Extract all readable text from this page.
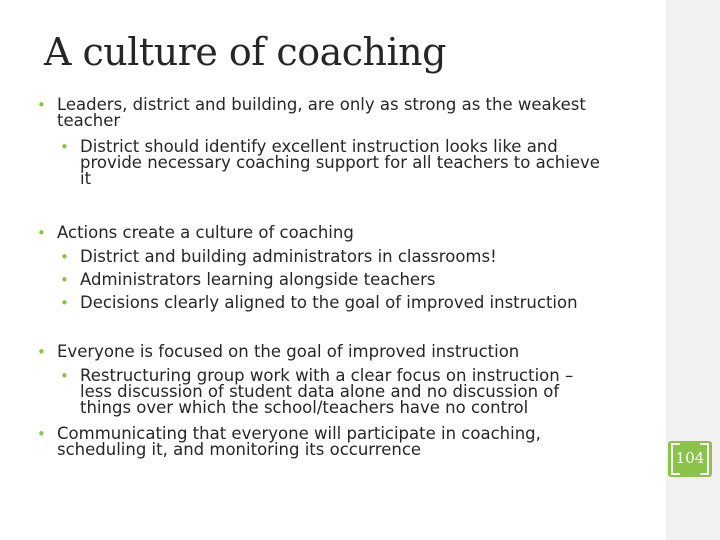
A culture of coaching
• Leaders, district and building, are only as strong as the weakest
teacher
• District should identify excellent instruction looks like and
provide necessary coaching support for all teachers to achieve
it
• Actions create a culture of coaching
• District and building administrators in classrooms!
• Administrators learning alongside teachers
• Decisions clearly aligned to the goal of improved instruction
• Everyone is focused on the goal of improved instruction
• Restructuring group work with a clear focus on instruction –
less discussion of student data alone and no discussion of
things over which the school/teachers have no control
• Communicating that everyone will participate in coaching,
scheduling it, and monitoring its occurrence	104
